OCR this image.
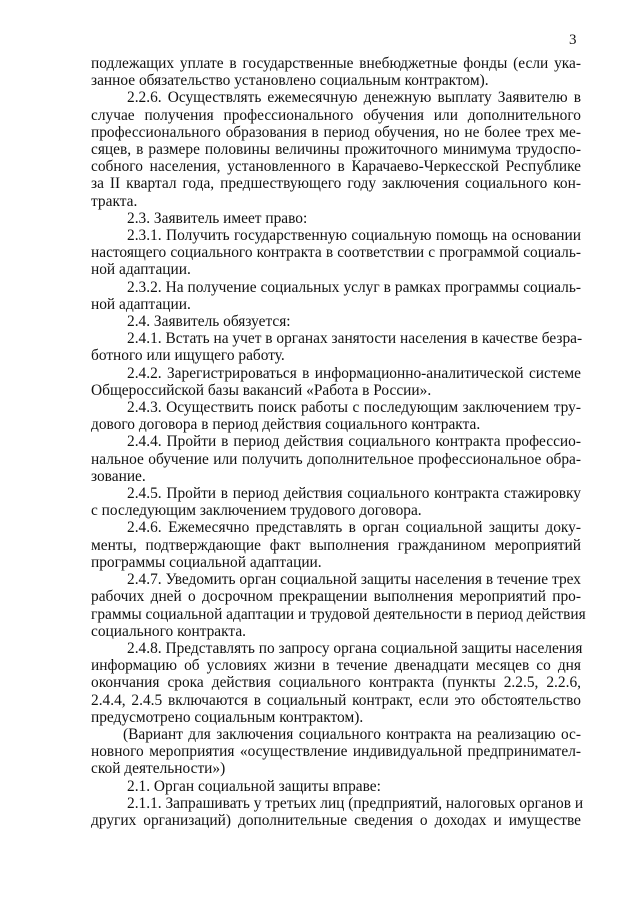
3

подлежащих уплате в государственные внебюджетные фонды (если ука-
занное обязательство установлено социальным контрактом).

2.2.6. Осуществлять ежемесячную денежную выплату Заявителю в
случае получения профессионального обучения или дополнительного
профессионального образования в период обучения, но не более трех ме-
сяцев, в размере половины величины прожиточного минимума трудоспо-
собного населения, установленного в Карачаево-Черкесской Республике
за II квартал года, предшествующего году заключения социального кон-
тракта.

2.3. Заявитель имеет право:

2.3.1. Получить государственную социальную помощь на основании
настоящего социального контракта в соответствии с программой социаль-
ной адаптации.

2.3.2. На получение социальных услуг в рамках программы социаль-
ной адаптации.

2.4. Заявитель обязуется:

2.4.1. Встать на учет в органах занятости населения в качестве безра-
ботного или ищущего работу.

2.4.2. Зарегистрироваться в информационно-аналитической системе
Общероссийской базы вакансий «Работа в России».

2.4.3. Осуществить поиск работы с последующим заключением тру-
дового договора в период действия социального контракта.

2.4.4. Пройти в период действия социального контракта профессио-
нальное обучение или получить дополнительное профессиональное обра-
зование.

2.4.5. Пройти в период действия социального контракта стажировку
с последующим заключением трудового договора.

2.4.6. Ежемесячно представлять в орган социальной защиты доку-
менты, подтверждающие факт выполнения гражданином мероприятий
программы социальной адаптации.

2.4.7. Уведомить орган социальной защиты населения в течение трех
рабочих дней о досрочном прекращении выполнения мероприятий про-
граммы социальной адаптации и трудовой деятельности в период действия
социального контракта.

2.4.8. Представлять по запросу органа социальной защиты населения
информацию об условиях жизни в течение двенадцати месяцев со дня
окончания срока действия социального контракта (пункты 2.2.5, 2.2.6,
2.4.4, 2.4.5 включаются в социальный контракт, если это обстоятельство
предусмотрено социальным контрактом).

(Вариант для заключения социального контракта на реализацию ос-
новного мероприятия «осуществление индивидуальной предпринимател-
ской деятельности»)

2.1. Орган социальной защиты вправе:

2.1.1. Запрашивать у третьих лиц (предприятий, налоговых органов и
других организаций) дополнительные сведения о доходах и имуществе
